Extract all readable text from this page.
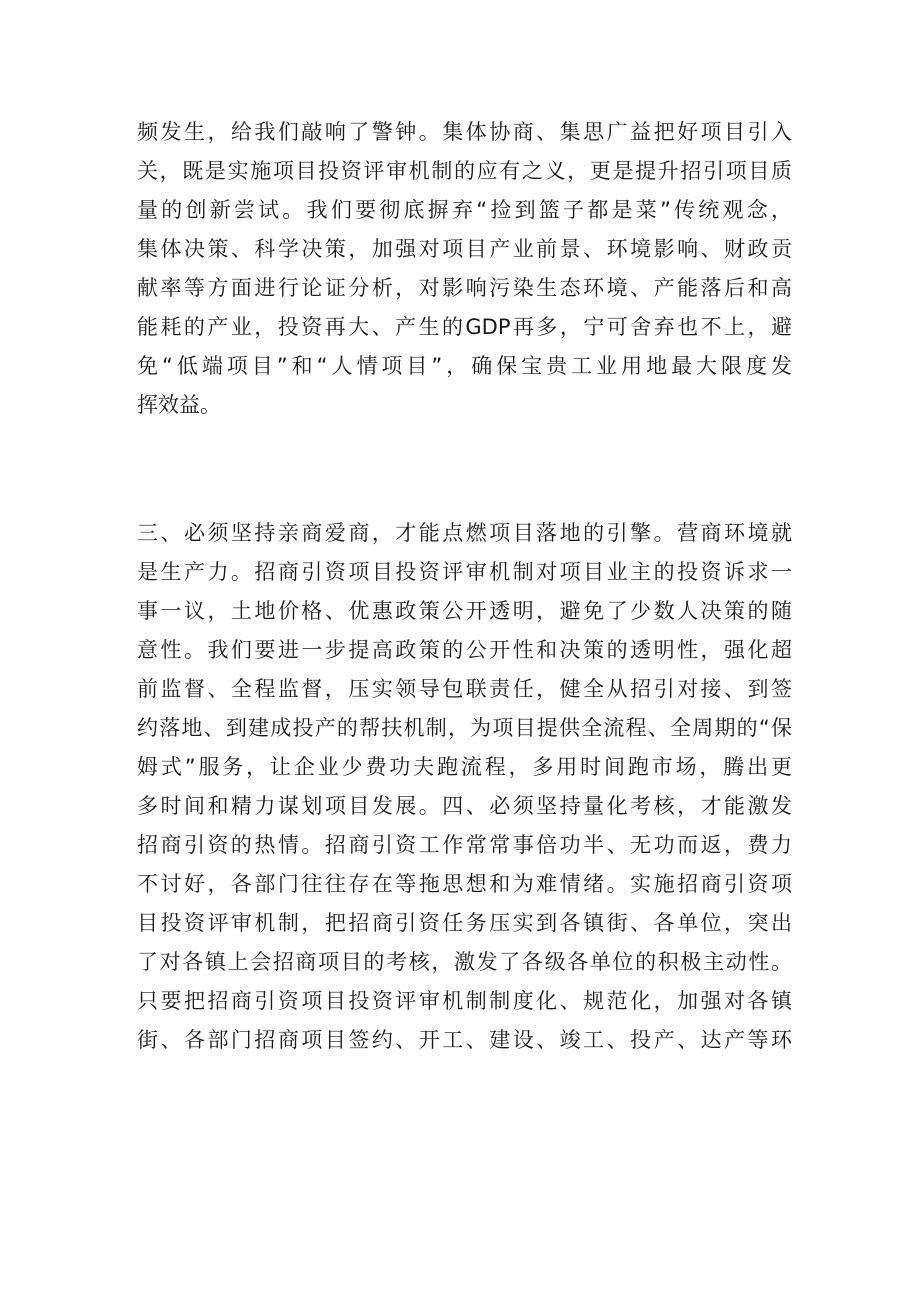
频发生，给我们敲响了警钟。集体协商、集思广益把好项目引入
关，既是实施项目投资评审机制的应有之义，更是提升招引项目质
量的创新尝试。我们要彻底摒弃“捡到篮子都是菜”传统观念，
集体决策、科学决策，加强对项目产业前景、环境影响、财政贡
献率等方面进行论证分析，对影响污染生态环境、产能落后和高
能耗的产业，投资再大、产生的GDP再多，宁可舍弃也不上，避
免“低端项目”和“人情项目”，确保宝贵工业用地最大限度发
挥效益。
三、必须坚持亲商爱商，才能点燃项目落地的引擎。营商环境就
是生产力。招商引资项目投资评审机制对项目业主的投资诉求一
事一议，土地价格、优惠政策公开透明，避免了少数人决策的随
意性。我们要进一步提高政策的公开性和决策的透明性，强化超
前监督、全程监督，压实领导包联责任，健全从招引对接、到签
约落地、到建成投产的帮扶机制，为项目提供全流程、全周期的“保
姆式”服务，让企业少费功夫跑流程，多用时间跑市场，腾出更
多时间和精力谋划项目发展。四、必须坚持量化考核，才能激发
招商引资的热情。招商引资工作常常事倍功半、无功而返，费力
不讨好，各部门往往存在等拖思想和为难情绪。实施招商引资项
目投资评审机制，把招商引资任务压实到各镇街、各单位，突出
了对各镇上会招商项目的考核，激发了各级各单位的积极主动性。
只要把招商引资项目投资评审机制制度化、规范化，加强对各镇
街、各部门招商项目签约、开工、建设、竣工、投产、达产等环
